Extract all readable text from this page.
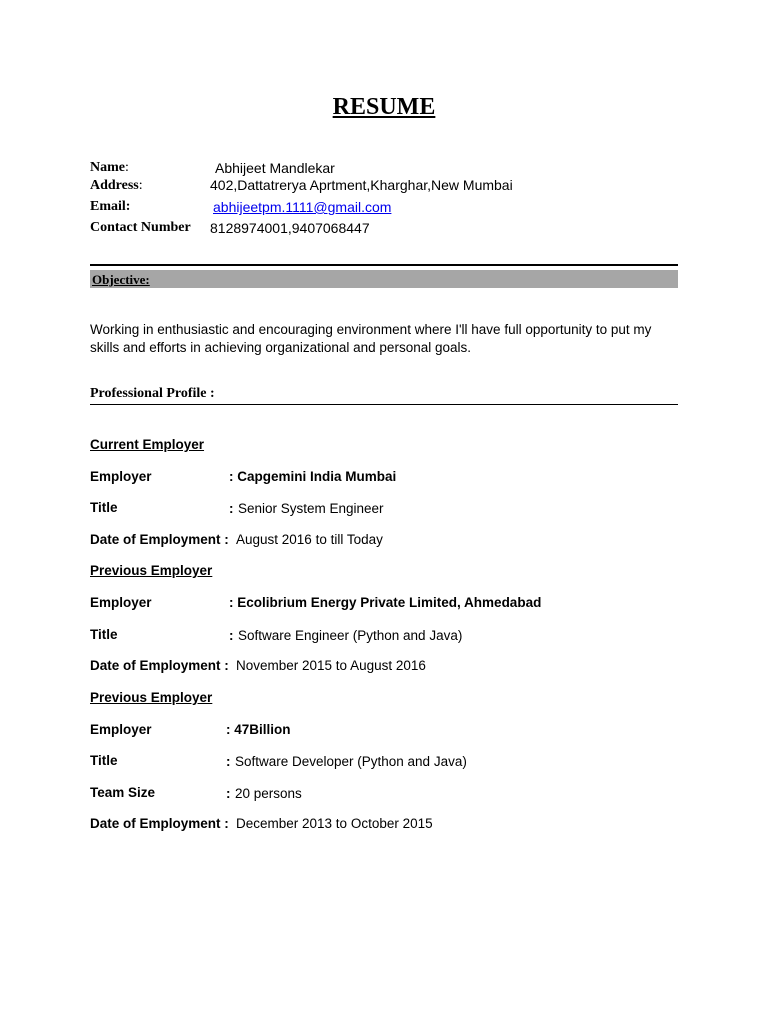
RESUME
Name:	Abhijeet Mandlekar
Address:	402,Dattatrerya Aprtment,Kharghar,New Mumbai
Email:	abhijeetpm.1111@gmail.com
Contact Number 8128974001,9407068447
Objective:
Working in enthusiastic and encouraging environment where I'll have full opportunity to put my skills and efforts in achieving organizational and personal goals.
Professional Profile :
Current Employer
Employer	: Capgemini India Mumbai
Title	: Senior System Engineer
Date of Employment : August 2016 to till Today
Previous Employer
Employer	: Ecolibrium Energy Private Limited, Ahmedabad
Title	: Software Engineer (Python and Java)
Date of Employment : November 2015 to August 2016
Previous Employer
Employer	: 47Billion
Title	: Software Developer (Python and Java)
Team Size	: 20 persons
Date of Employment : December 2013 to October 2015
